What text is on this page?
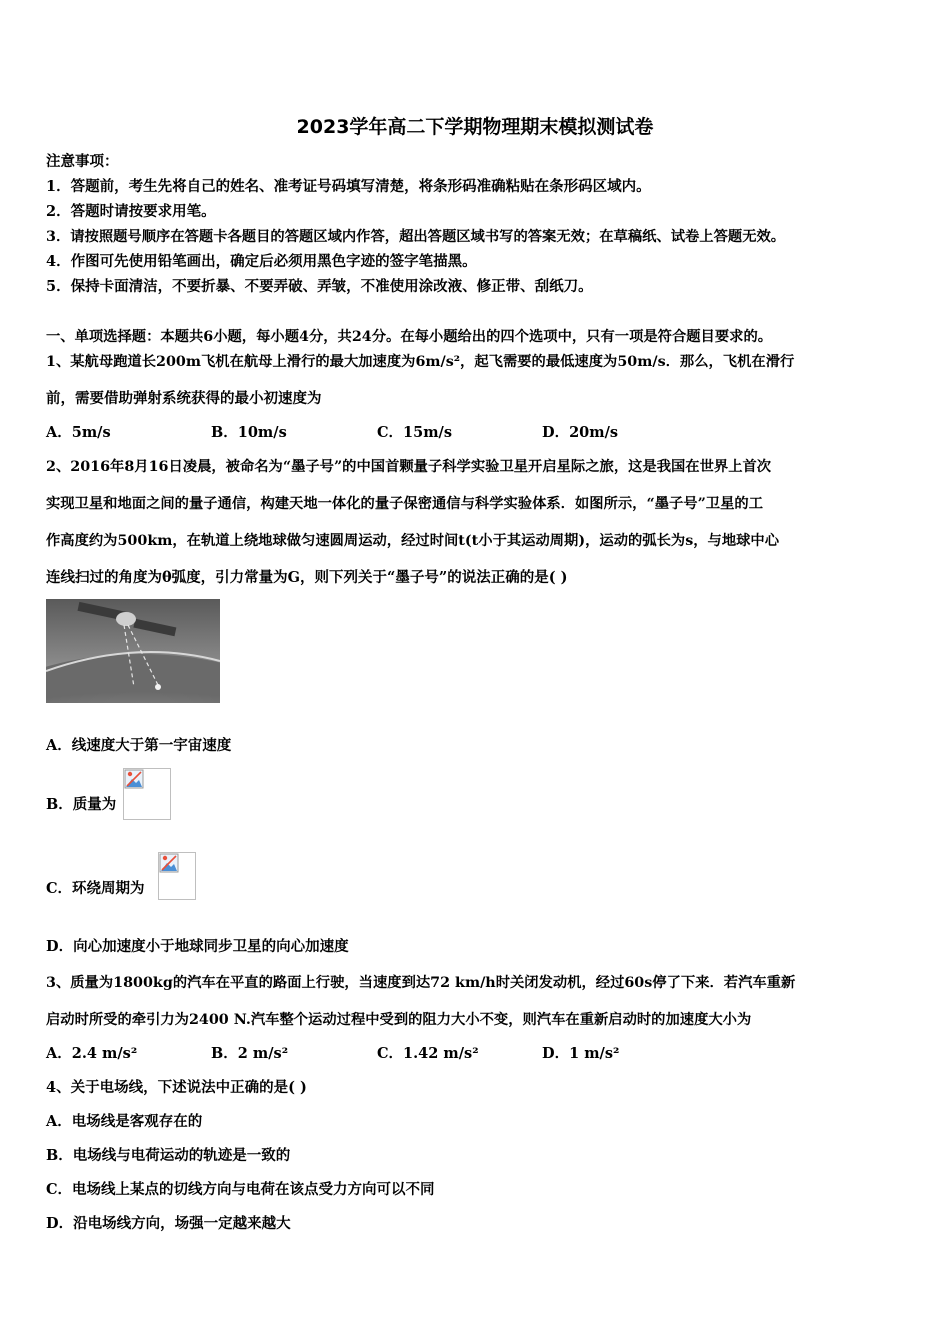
2023学年高二下学期物理期末模拟测试卷
注意事项：
1．答题前，考生先将自己的姓名、准考证号码填写清楚，将条形码准确粘贴在条形码区域内。
2．答题时请按要求用笔。
3．请按照题号顺序在答题卡各题目的答题区域内作答，超出答题区域书写的答案无效；在草稿纸、试卷上答题无效。
4．作图可先使用铅笔画出，确定后必须用黑色字迹的签字笔描黑。
5．保持卡面清洁，不要折暴、不要弄破、弄皱，不准使用涂改液、修正带、刮纸刀。
一、单项选择题：本题共6小题，每小题4分，共24分。在每小题给出的四个选项中，只有一项是符合题目要求的。
1、某航母跑道长200m飞机在航母上滑行的最大加速度为6m/s²，起飞需要的最低速度为50m/s．那么，飞机在滑行
前，需要借助弹射系统获得的最小初速度为
A．5m/s	B．10m/s	C．15m/s	D．20m/s
2、2016年8月16日凌晨，被命名为“墨子号”的中国首颗量子科学实验卫星开启星际之旅，这是我国在世界上首次
实现卫星和地面之间的量子通信，构建天地一体化的量子保密通信与科学实验体系．如图所示，“墨子号”卫星的工
作高度约为500km，在轨道上绕地球做匀速圆周运动，经过时间t(t小于其运动周期)，运动的弧长为s，与地球中心
连线扫过的角度为θ弧度，引力常量为G，则下列关于“墨子号”的说法正确的是( )
A．线速度大于第一宇宙速度
B．质量为
C．环绕周期为
D．向心加速度小于地球同步卫星的向心加速度
3、质量为1800kg的汽车在平直的路面上行驶，当速度到达72 km/h时关闭发动机，经过60s停了下来．若汽车重新
启动时所受的牵引力为2400 N.汽车整个运动过程中受到的阻力大小不变，则汽车在重新启动时的加速度大小为
A．2.4 m/s²	B．2 m/s²	C．1.42 m/s²	D．1 m/s²
4、关于电场线，下述说法中正确的是( )
A．电场线是客观存在的
B．电场线与电荷运动的轨迹是一致的
C．电场线上某点的切线方向与电荷在该点受力方向可以不同
D．沿电场线方向，场强一定越来越大
